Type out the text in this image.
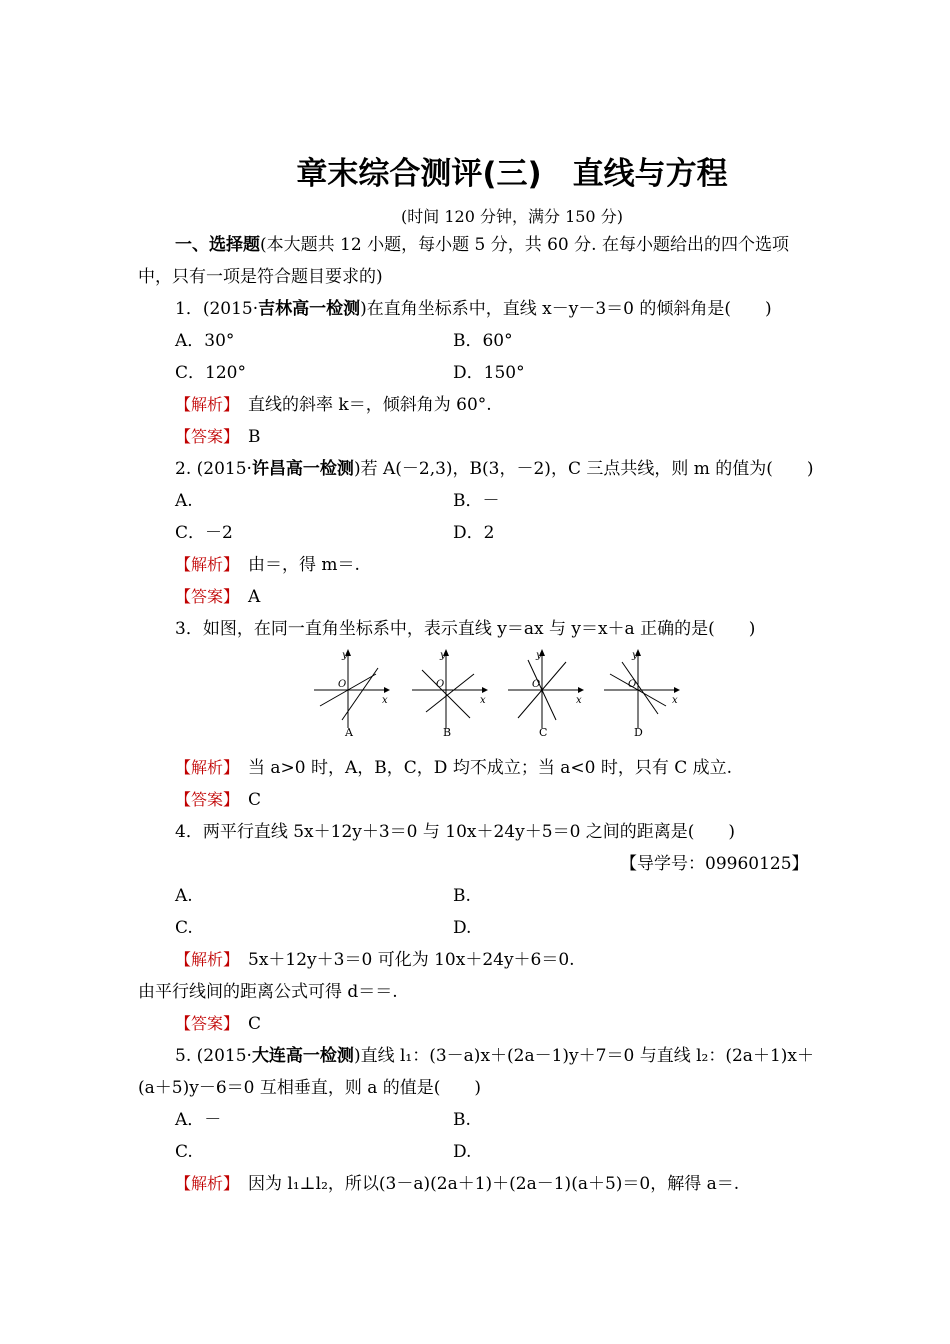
章末综合测评(三)　直线与方程
(时间 120 分钟，满分 150 分)
一、选择题(本大题共 12 小题，每小题 5 分，共 60 分. 在每小题给出的四个选项
中，只有一项是符合题目要求的)
1．(2015·吉林高一检测)在直角坐标系中，直线 x－y－3＝0 的倾斜角是(　　)
A．30°	B．60°
C．120°	D．150°
【解析】　 直线的斜率 k＝，倾斜角为 60°.
【答案】　 B
2. (2015·许昌高一检测)若 A(－2,3)，B(3，－2)，C 三点共线，则 m 的值为(　　)
A.	B．－
C．－2	D．2
【解析】　 由＝，得 m＝.
【答案】　 A
3．如图，在同一直角坐标系中，表示直线 y＝ax 与 y＝x＋a 正确的是(　　)
y
x
O
y
x
O
y
x
O
y
x
O
A	B	C	D
【解析】　 当 a>0 时，A，B，C，D 均不成立；当 a<0 时，只有 C 成立.
【答案】　 C
4．两平行直线 5x＋12y＋3＝0 与 10x＋24y＋5＝0 之间的距离是(　　)
【导学号：09960125】
A.	B.
C.	D.
【解析】　 5x＋12y＋3＝0 可化为 10x＋24y＋6＝0.
由平行线间的距离公式可得 d＝＝.
【答案】　 C
5. (2015·大连高一检测)直线 l₁：(3－a)x＋(2a－1)y＋7＝0 与直线 l₂：(2a＋1)x＋
(a＋5)y－6＝0 互相垂直，则 a 的值是(　　)
A．－	B.
C.	D.
【解析】　 因为 l₁⊥l₂，所以(3－a)(2a＋1)＋(2a－1)(a＋5)＝0，解得 a＝.
